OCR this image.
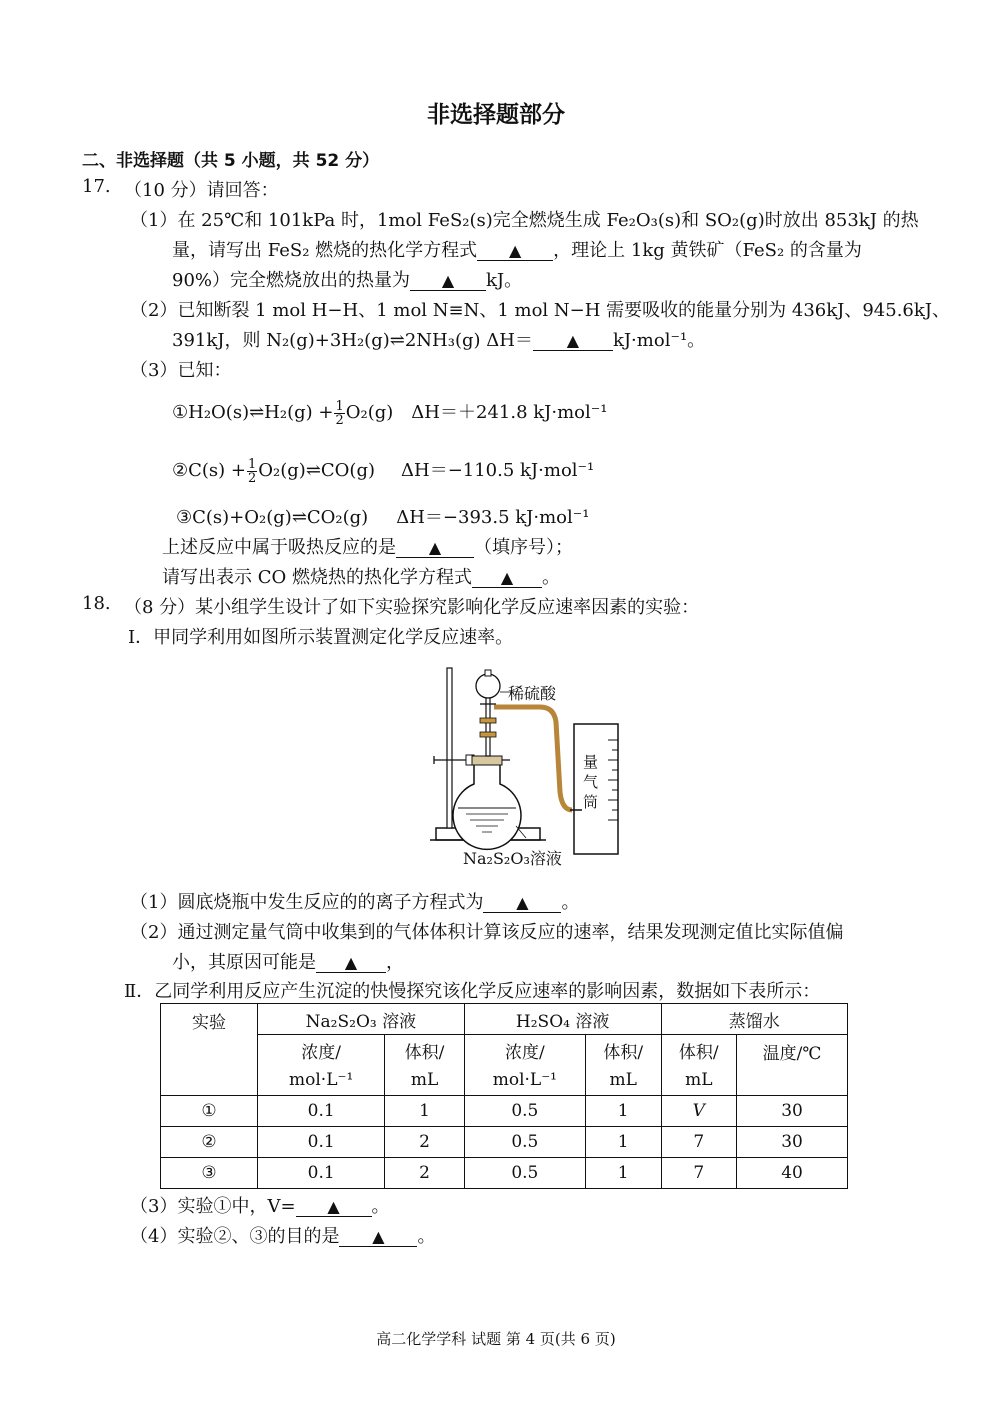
非选择题部分
二、非选择题（共 5 小题，共 52 分）
17. （10 分）请回答：
（1）在 25℃和 101kPa 时，1mol FeS₂(s)完全燃烧生成 Fe₂O₃(s)和 SO₂(g)时放出 853kJ 的热
量，请写出 FeS₂ 燃烧的热化学方程式 ▲	，理论上 1kg 黄铁矿（FeS₂ 的含量为
90%）完全燃烧放出的热量为 ▲	kJ。
（2）已知断裂 1 mol H−H、1 mol N≡N、1 mol N−H 需要吸收的能量分别为 436kJ、945.6kJ、
391kJ，则 N₂(g)+3H₂(g)⇌2NH₃(g) ΔH＝ ▲	kJ·mol⁻¹。
（3）已知：
①H₂O(s)⇌H₂(g) + $\frac{1}{2} O_2(g)$ ΔH＝＋241.8 kJ·mol⁻¹
②C(s) + $\frac{1}{2}$ O₂(g)⇌CO(g) ΔH＝−110.5 kJ·mol⁻¹
③C(s)+O₂(g)⇌CO₂(g) ΔH＝−393.5 kJ·mol⁻¹
上述反应中属于吸热反应的是 ▲	（填序号）；
请写出表示 CO 燃烧热的热化学方程式 ▲	。
18. （8 分）某小组学生设计了如下实验探究影响化学反应速率因素的实验：
Ⅰ．甲同学利用如图所示装置测定化学反应速率。
稀硫酸
量
气
筒
Na₂S₂O₃溶液
（1）圆底烧瓶中发生反应的的离子方程式为 ▲	。
（2）通过测定量气筒中收集到的气体体积计算该反应的速率，结果发现测定值比实际值偏
小，其原因可能是 ▲	，
Ⅱ．乙同学利用反应产生沉淀的快慢探究该化学反应速率的影响因素，数据如下表所示：
实验	Na₂S₂O₃ 溶液		H₂SO₄ 溶液		蒸馏水	
	浓度/	体积/	浓度/	体积/	体积/	温度/℃
	mol·L⁻¹	mL	mol·L⁻¹	mL	mL	
①	0.1	1	0.5	1	V	30
②	0.1	2	0.5	1	7	30
③	0.1	2	0.5	1	7	40
（3）实验①中，V= ▲	。
（4）实验②、③的目的是 ▲	。
高二化学学科 试题 第 4 页(共 6 页)
